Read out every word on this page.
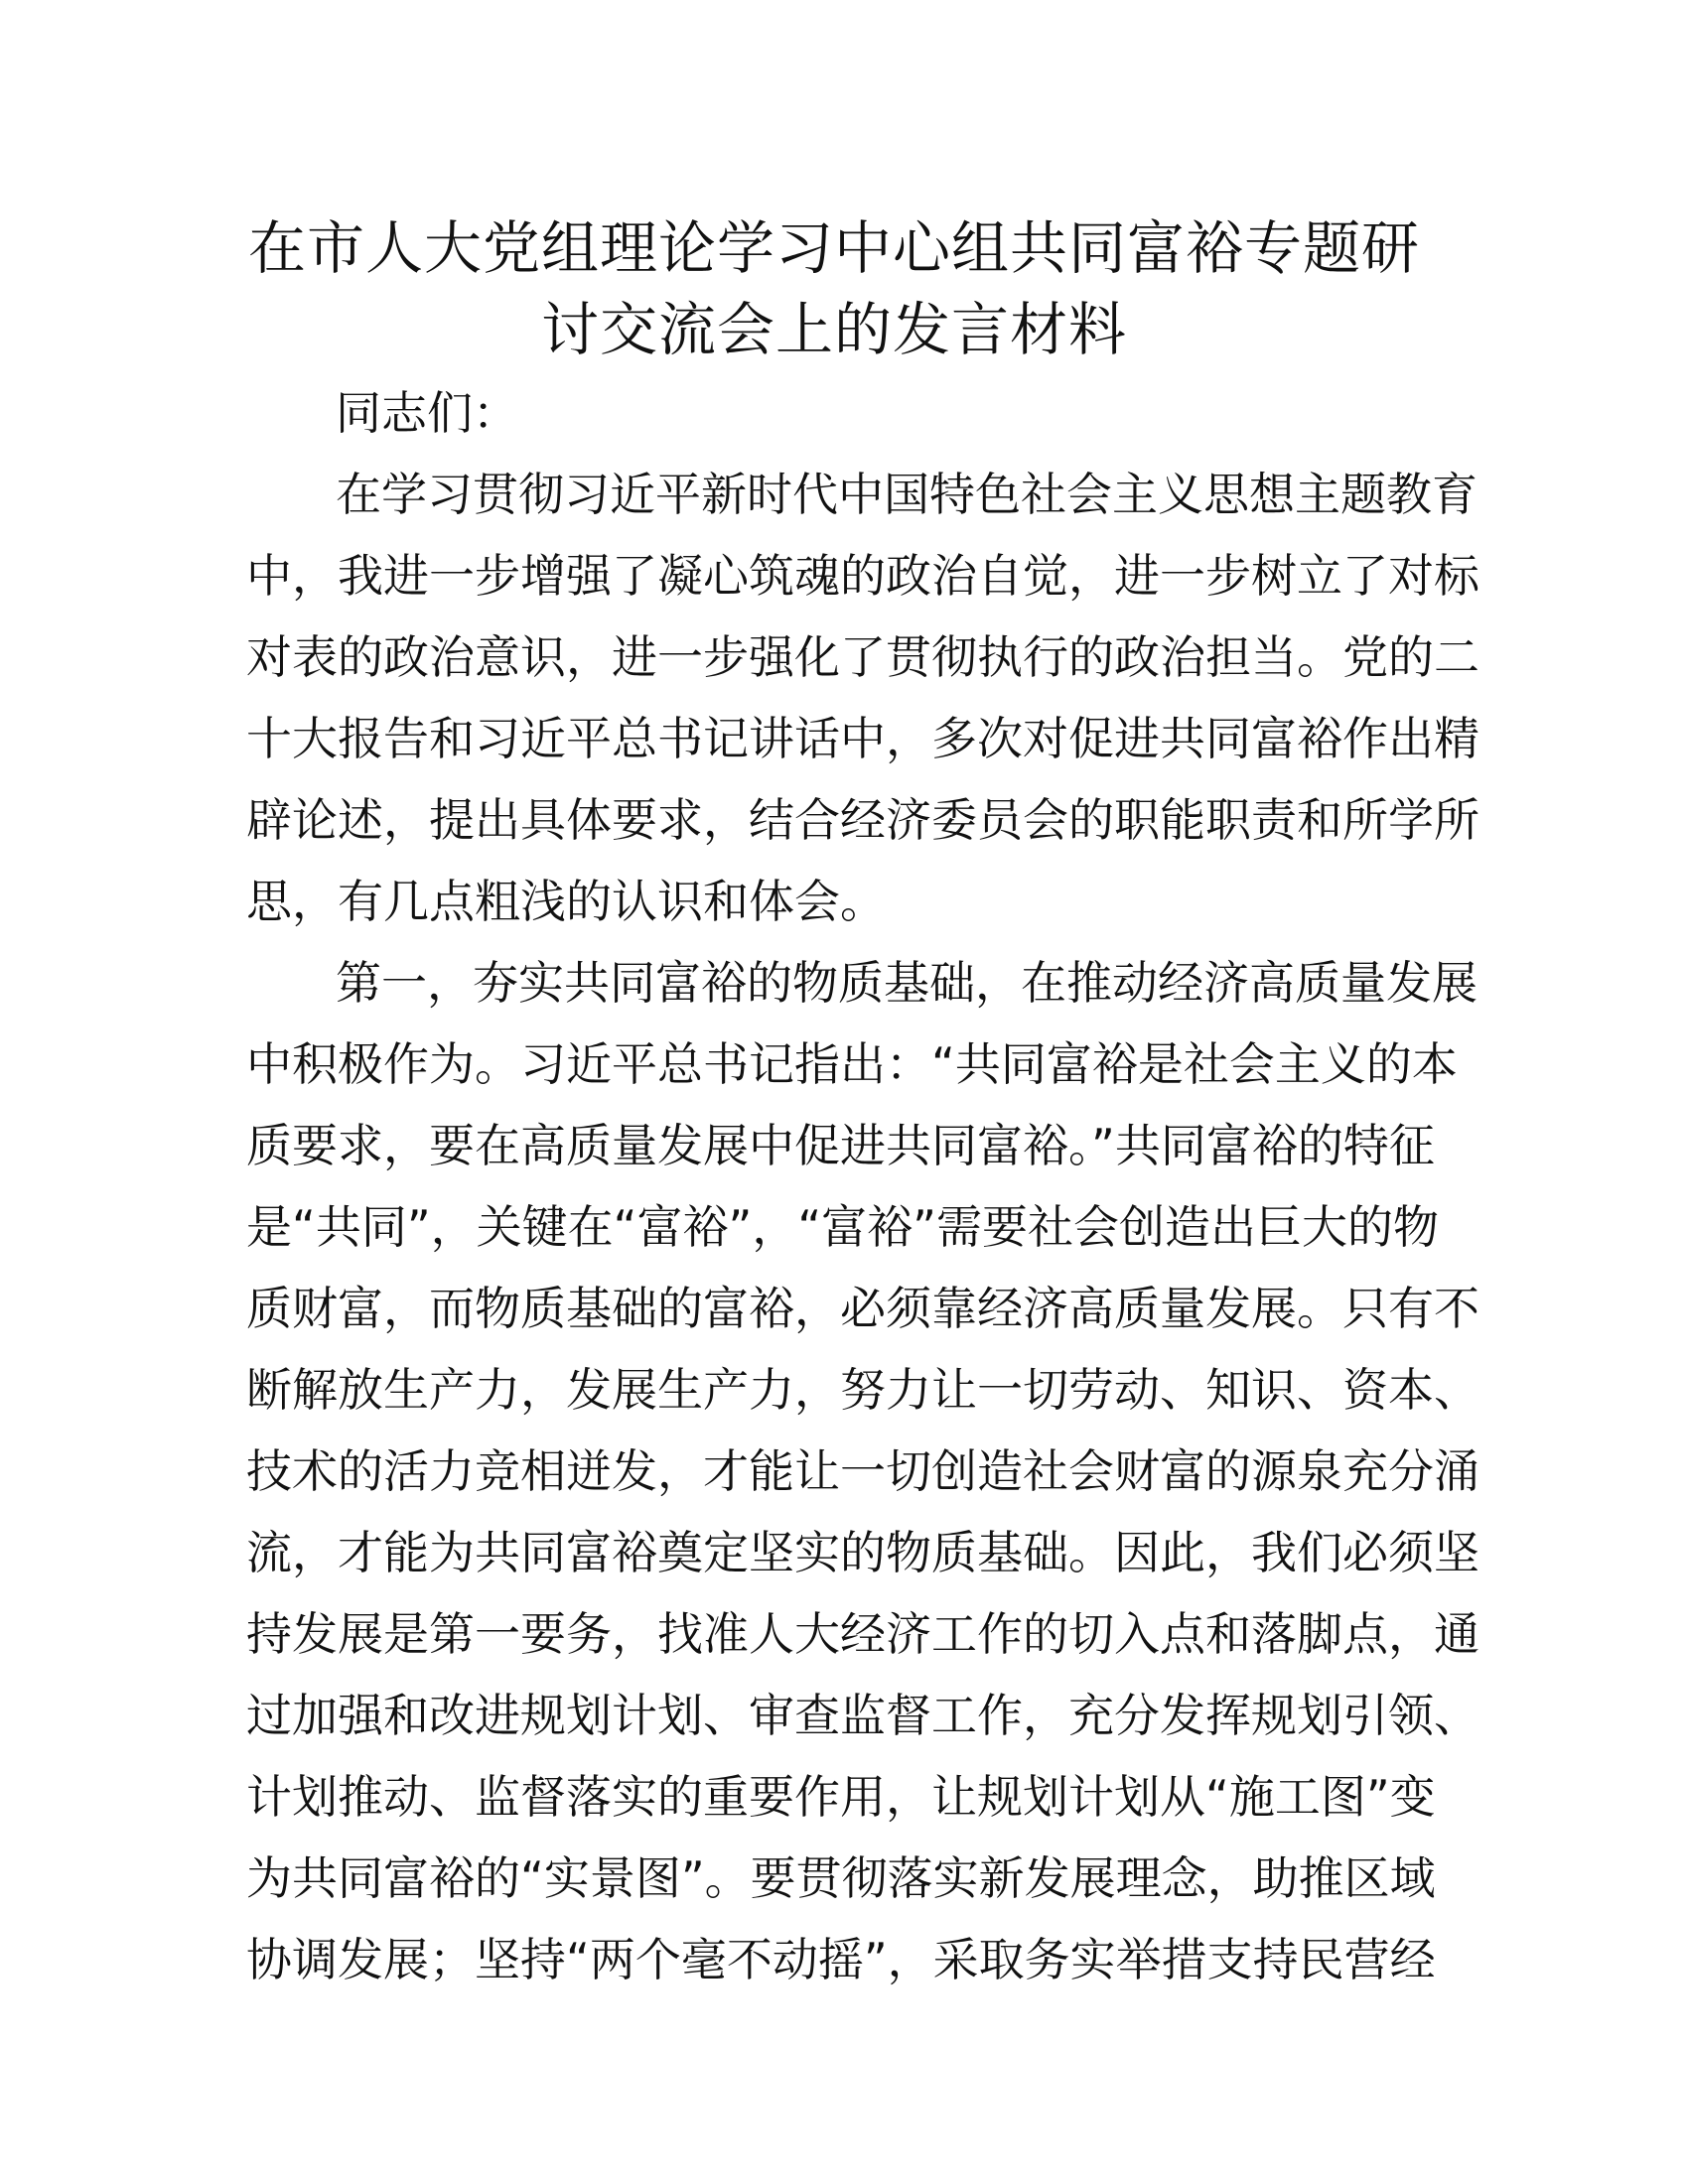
在市人大党组理论学习中心组共同富裕专题研
讨交流会上的发言材料
同志们：
在学习贯彻习近平新时代中国特色社会主义思想主题教育
中，我进一步增强了凝心筑魂的政治自觉，进一步树立了对标
对表的政治意识，进一步强化了贯彻执行的政治担当。党的二
十大报告和习近平总书记讲话中，多次对促进共同富裕作出精
辟论述，提出具体要求，结合经济委员会的职能职责和所学所
思，有几点粗浅的认识和体会。
第一，夯实共同富裕的物质基础，在推动经济高质量发展
中积极作为。习近平总书记指出：“共同富裕是社会主义的本
质要求，要在高质量发展中促进共同富裕。”共同富裕的特征
是“共同”，关键在“富裕”，“富裕”需要社会创造出巨大的物
质财富，而物质基础的富裕，必须靠经济高质量发展。只有不
断解放生产力，发展生产力，努力让一切劳动、知识、资本、
技术的活力竞相迸发，才能让一切创造社会财富的源泉充分涌
流，才能为共同富裕奠定坚实的物质基础。因此，我们必须坚
持发展是第一要务，找准人大经济工作的切入点和落脚点，通
过加强和改进规划计划、审查监督工作，充分发挥规划引领、
计划推动、监督落实的重要作用，让规划计划从“施工图”变
为共同富裕的“实景图”。要贯彻落实新发展理念，助推区域
协调发展；坚持“两个毫不动摇”，采取务实举措支持民营经
